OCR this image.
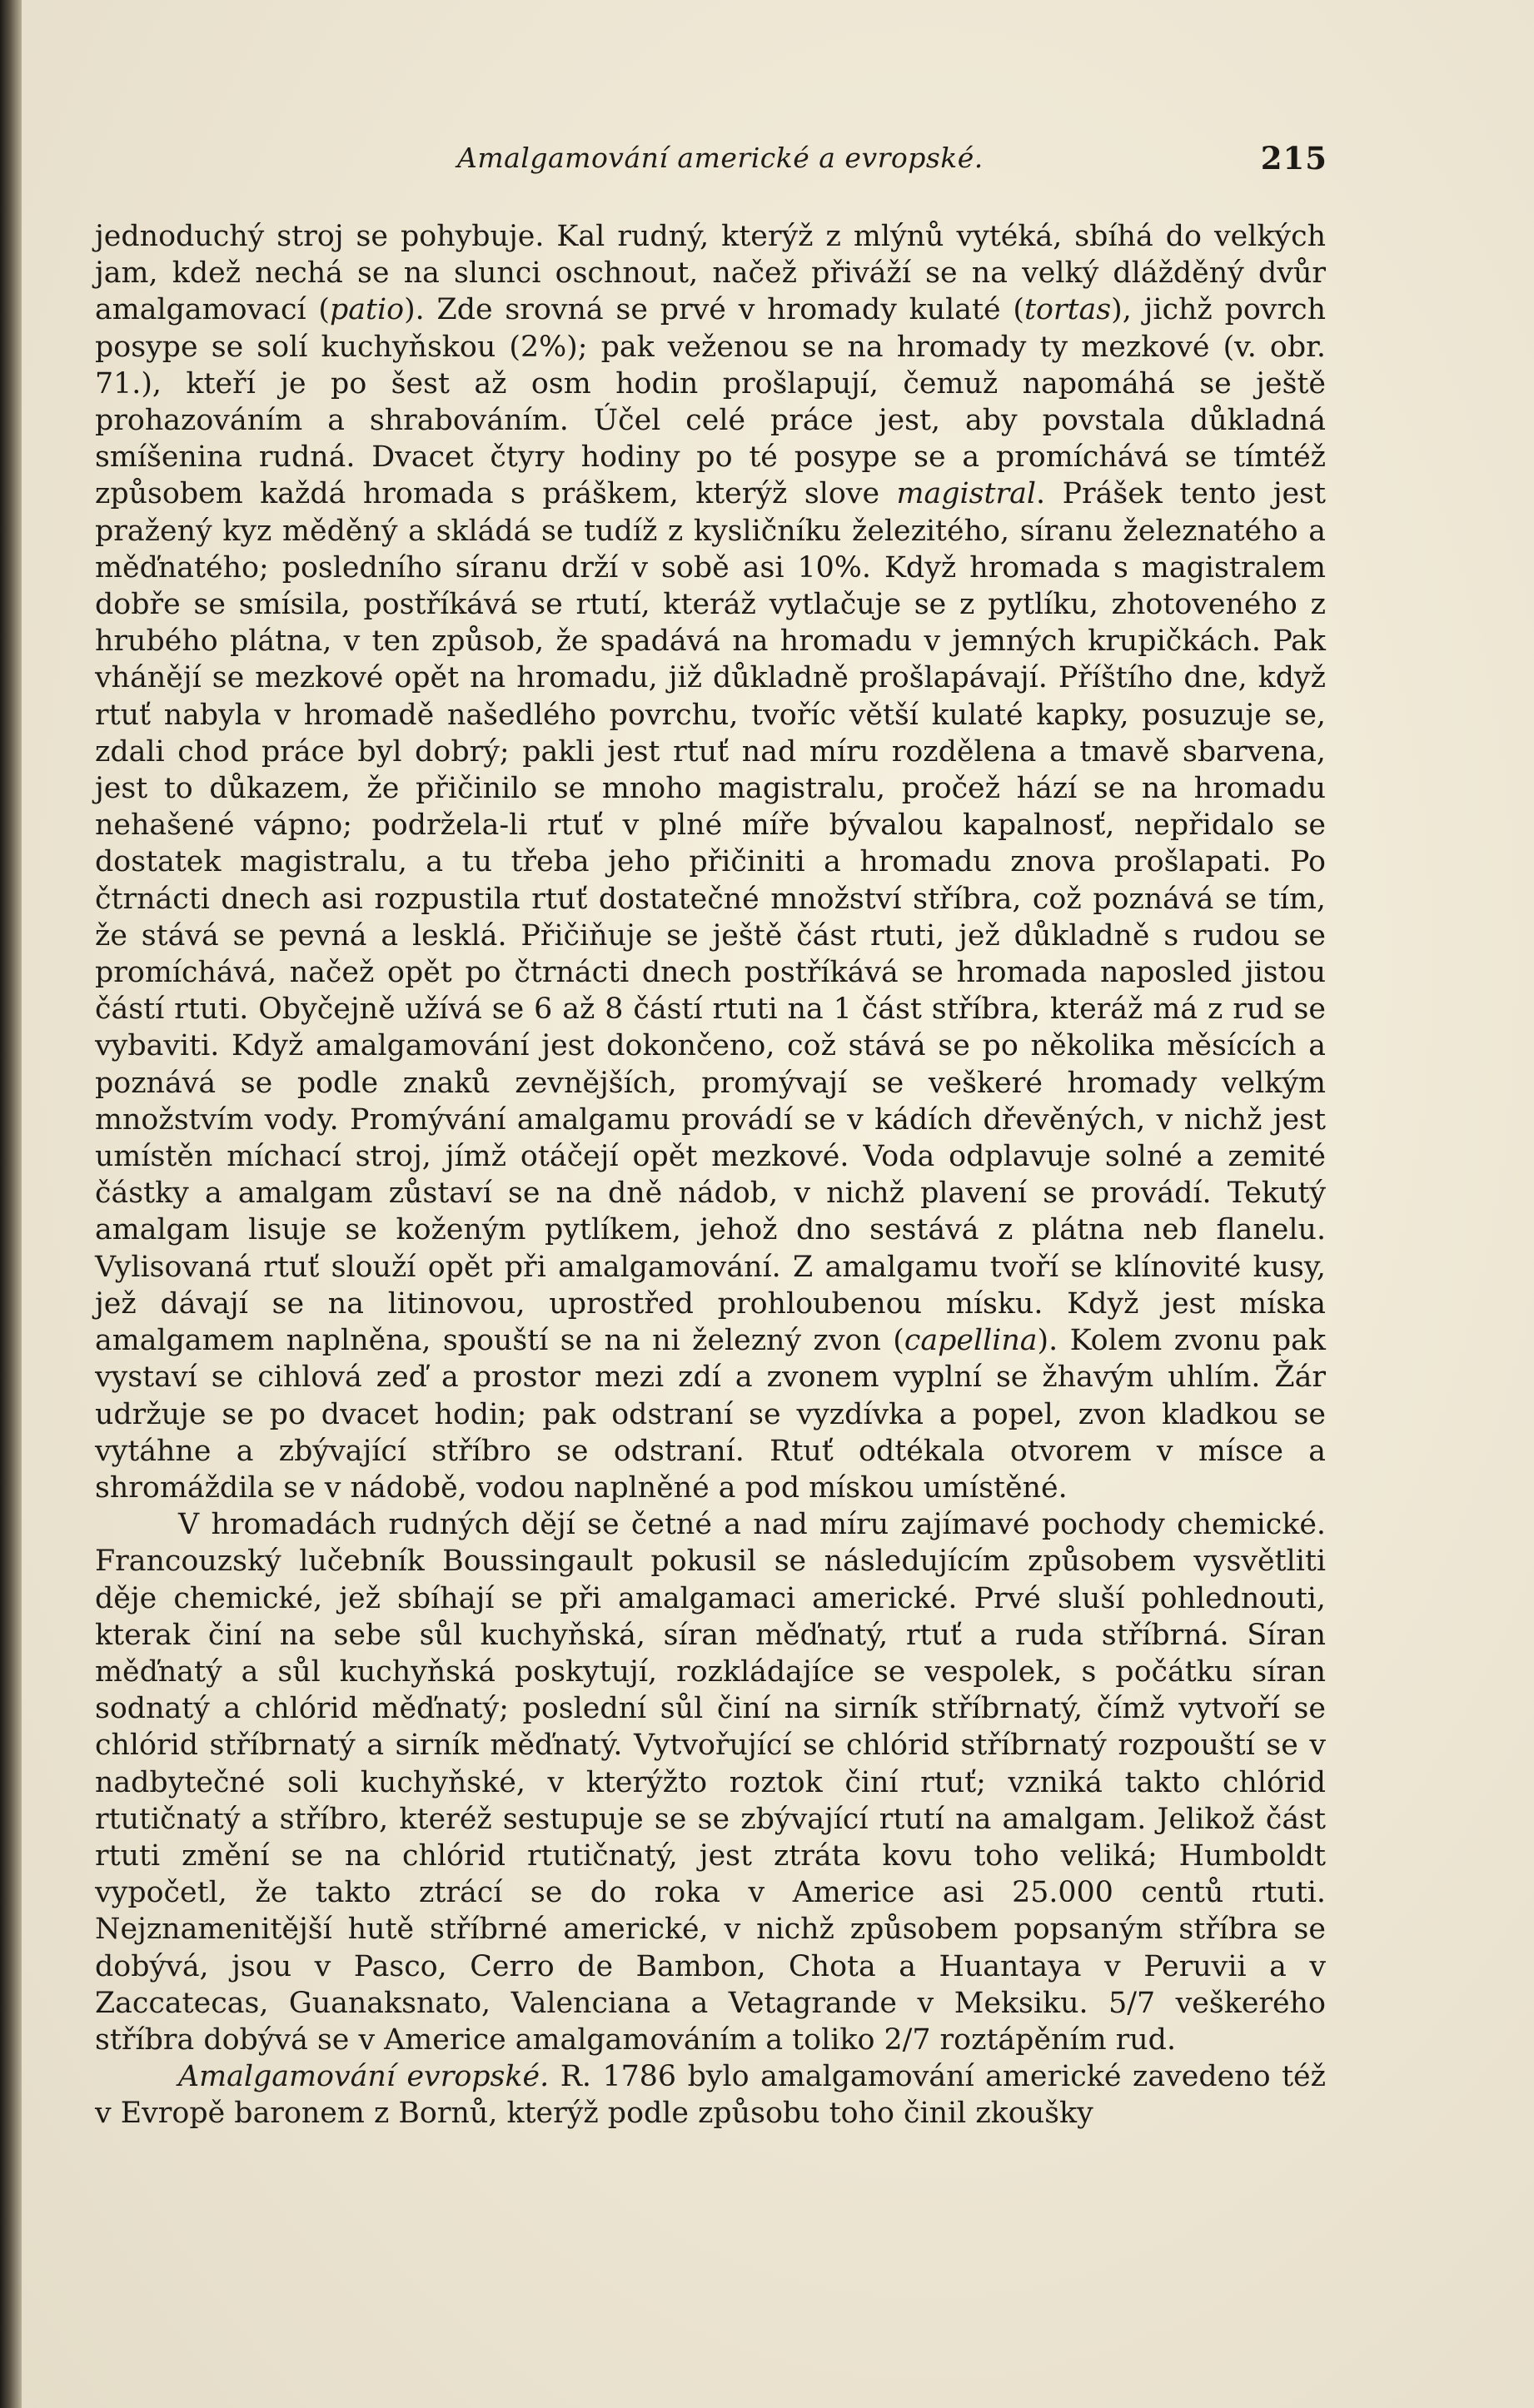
Amalgamování americké a evropské.	215

jednoduchý stroj se pohybuje. Kal rudný, kterýž z mlýnů vytéká, sbíhá do velkých jam, kdež nechá se na slunci oschnout, načež přiváží se na velký dlážděný dvůr amalgamovací (patio). Zde srovná se prvé v hromady kulaté (tortas), jichž povrch posype se solí kuchyňskou (2%); pak veženou se na hromady ty mezkové (v. obr. 71.), kteří je po šest až osm hodin prošlapují, čemuž napomáhá se ještě prohazováním a shrabováním. Účel celé práce jest, aby povstala důkladná smíšenina rudná. Dvacet čtyry hodiny po té posype se a promíchává se tímtéž způsobem každá hromada s práškem, kterýž slove magistral. Prášek tento jest pražený kyz měděný a skládá se tudíž z kysličníku železitého, síranu železnatého a měďnatého; posledního síranu drží v sobě asi 10%. Když hromada s magistralem dobře se smísila, postříkává se rtutí, kteráž vytlačuje se z pytlíku, zhotoveného z hrubého plátna, v ten způsob, že spadává na hromadu v jemných krupičkách. Pak vhánějí se mezkové opět na hromadu, již důkladně prošlapávají. Příštího dne, když rtuť nabyla v hromadě našedlého povrchu, tvoříc větší kulaté kapky, posuzuje se, zdali chod práce byl dobrý; pakli jest rtuť nad míru rozdělena a tmavě sbarvena, jest to důkazem, že přičinilo se mnoho magistralu, pročež hází se na hromadu nehašené vápno; podržela-li rtuť v plné míře bývalou kapalnosť, nepřidalo se dostatek magistralu, a tu třeba jeho přičiniti a hromadu znova prošlapati. Po čtrnácti dnech asi rozpustila rtuť dostatečné množství stříbra, což poznává se tím, že stává se pevná a lesklá. Přičiňuje se ještě část rtuti, jež důkladně s rudou se promíchává, načež opět po čtrnácti dnech postříkává se hromada naposled jistou částí rtuti. Obyčejně užívá se 6 až 8 částí rtuti na 1 část stříbra, kteráž má z rud se vybaviti. Když amalgamování jest dokončeno, což stává se po několika měsících a poznává se podle znaků zevnějších, promývají se veškeré hromady velkým množstvím vody. Promývání amalgamu provádí se v kádích dřevěných, v nichž jest umístěn míchací stroj, jímž otáčejí opět mezkové. Voda odplavuje solné a zemité částky a amalgam zůstaví se na dně nádob, v nichž plavení se provádí. Tekutý amalgam lisuje se koženým pytlíkem, jehož dno sestává z plátna neb flanelu. Vylisovaná rtuť slouží opět při amalgamování. Z amalgamu tvoří se klínovité kusy, jež dávají se na litinovou, uprostřed prohloubenou mísku. Když jest míska amalgamem naplněna, spouští se na ni železný zvon (capellina). Kolem zvonu pak vystaví se cihlová zeď a prostor mezi zdí a zvonem vyplní se žhavým uhlím. Žár udržuje se po dvacet hodin; pak odstraní se vyzdívka a popel, zvon kladkou se vytáhne a zbývající stříbro se odstraní. Rtuť odtékala otvorem v mísce a shromáždila se v nádobě, vodou naplněné a pod mískou umístěné.

V hromadách rudných dějí se četné a nad míru zajímavé pochody chemické. Francouzský lučebník Boussingault pokusil se následujícím způsobem vysvětliti děje chemické, jež sbíhají se při amalgamaci americké. Prvé sluší pohlednouti, kterak činí na sebe sůl kuchyňská, síran měďnatý, rtuť a ruda stříbrná. Síran měďnatý a sůl kuchyňská poskytují, rozkládajíce se vespolek, s počátku síran sodnatý a chlórid měďnatý; poslední sůl činí na sirník stříbrnatý, čímž vytvoří se chlórid stříbrnatý a sirník měďnatý. Vytvořující se chlórid stříbrnatý rozpouští se v nadbytečné soli kuchyňské, v kterýžto roztok činí rtuť; vzniká takto chlórid rtutičnatý a stříbro, kteréž sestupuje se se zbývající rtutí na amalgam. Jelikož část rtuti změní se na chlórid rtutičnatý, jest ztráta kovu toho veliká; Humboldt vypočetl, že takto ztrácí se do roka v Americe asi 25.000 centů rtuti. Nejznamenitější hutě stříbrné americké, v nichž způsobem popsaným stříbra se dobývá, jsou v Pasco, Cerro de Bambon, Chota a Huantaya v Peruvii a v Zaccatecas, Guanaksnato, Valenciana a Vetagrande v Meksiku. 5/7 veškerého stříbra dobývá se v Americe amalgamováním a toliko 2/7 roztápěním rud.

Amalgamování evropské. R. 1786 bylo amalgamování americké zavedeno též v Evropě baronem z Bornů, kterýž podle způsobu toho činil zkoušky
